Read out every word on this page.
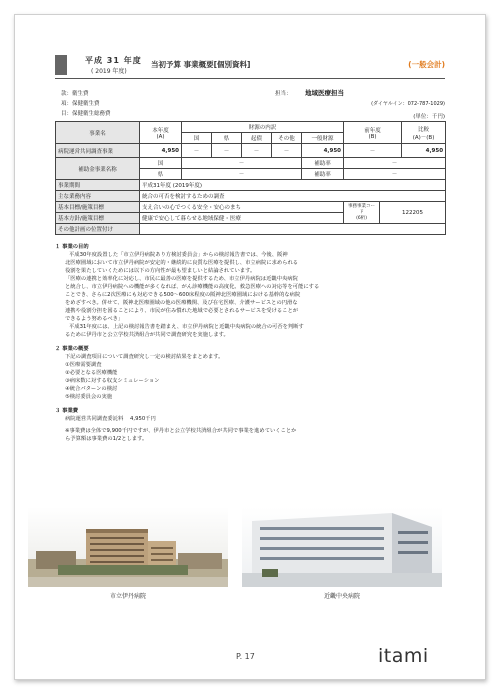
平成 31 年度
( 2019 年度)
当初予算 事業概要[個別資料]	(一般会計)
款：衛生費
項：保健衛生費
目：保健衛生総務費
担当： 地域医療担当
(ダイヤルイン：072-787-1029)
(単位：千円)
事業名	本年度
(A)	財源の内訳					前年度
(B)		比較
(A)－(B)
		国	県	起債	その他	一般財源			
病院運営共同調査事業	4,950	－	－	－	－	4,950	－		4,950
補助金事業名称	国	－				補助率	－		
	県	－				補助率	－		
事業期間	平成31年度 (2019年度)								
主な業務内容	統合の可否を検討するための調査								
基本目標/施策目標	支え合いの心でつくる安全・安心のまち						事務事業コード
(6桁)	122205	
基本方針/施策目標	健康で安心して暮らせる地域保健・医療								
その他計画の位置付け									
１ 事業の目的
平成30年度設置した「市立伊丹病院あり方検討委員会」からの検討報告書では、今後、阪神
北医療圏域において市立伊丹病院が安定的・継続的に良質な医療を提供し、市立病院に求められる
役割を果たしていくためには以下の方向性が最も望ましいと結論されています。
「医療の連携と効率化に対応し、市民に最善の医療を提供するため、市立伊丹病院は近畿中央病院
と統合し、市立伊丹病院への機能が多くなれば、がん診療機能の高度化、救急医療への対応等を可能にする
ことでき、さらに2次医療にも対応できる500～600床程度の阪神北医療圏域における基幹的な病院
をめざすべき。併せて、阪神北医療圏域の他の医療機関、及び在宅医療、介護サービスとの円滑な
連携や役割分担を図ることにより、市民が住み慣れた地域で必要とされるサービスを受けることが
できるよう努めるべき」
平成31年度には、上記の検討報告書を踏まえ、市立伊丹病院と近畿中央病院の統合の可否を判断す
るために伊丹市と公立学校共済組合が共同で調査研究を実施します。
２ 事業の概要
下記の調査項目について調査研究し一定の検討結果をまとめます。
①医療需要調査
②必要となる医療機能
③病床数に対する収支シミュレーション
④統合パターンの検討
⑤検討委員会の実施
３ 事業費
病院運営共同調査委託料 4,950千円
※事業費は全体で9,900千円ですが、伊丹市と公立学校共済組合が共同で事業を進めていくことか
ら予算額は事業費の1/2とします。
市立伊丹病院	近畿中央病院
P. 17	itami
